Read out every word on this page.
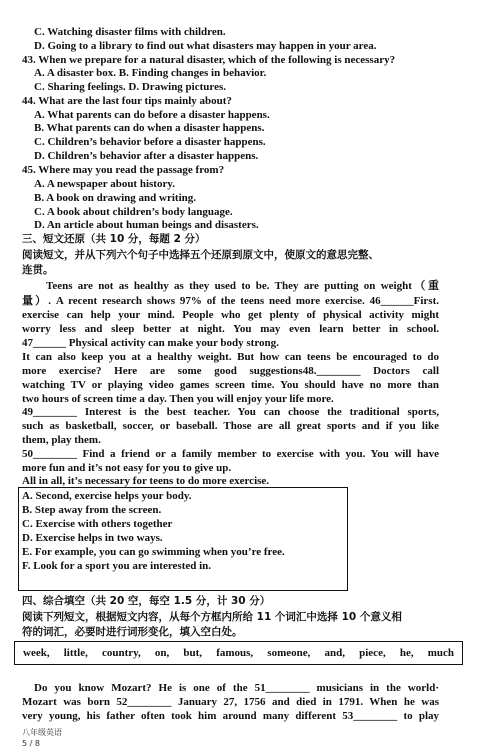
C. Watching disaster films with children.
D. Going to a library to find out what disasters may happen in your area.
43. When we prepare for a natural disaster, which of the following is necessary?
A. A disaster box. B. Finding changes in behavior.
C. Sharing feelings. D. Drawing pictures.
44. What are the last four tips mainly about?
A. What parents can do before a disaster happens.
B. What parents can do when a disaster happens.
C. Children’s behavior before a disaster happens.
D. Children’s behavior after a disaster happens.
45. Where may you read the passage from?
A. A newspaper about history.
B. A book on drawing and writing.
C. A book about children’s body language.
D. An article about human beings and disasters.
三、短文还原（共 10 分，每题 2 分）
阅读短文，并从下列六个句子中选择五个还原到原文中，使原文的意思完整、
连贯。
Teens are not as healthy as they used to be. They are putting on weight（重
量）. A recent research shows 97% of the teens need more exercise. 46______First.
exercise can help your mind. People who get plenty of physical activity might
worry less and sleep better at night. You may even learn better in school.
47______ Physical activity can make your body strong.
It can also keep you at a healthy weight. But how can teens be encouraged to do
more exercise? Here are some good suggestions48.________ Doctors call
watching TV or playing video games screen time. You should have no more than
two hours of screen time a day. Then you will enjoy your life more.
49________ Interest is the best teacher. You can choose the traditional sports,
such as basketball, soccer, or baseball. Those are all great sports and if you like
them, play them.
50________ Find a friend or a family member to exercise with you. You will have
more fun and it’s not easy for you to give up.
All in all, it’s necessary for teens to do more exercise.
A. Second, exercise helps your body.
B. Step away from the screen.
C. Exercise with others together
D. Exercise helps in two ways.
E. For example, you can go swimming when you’re free.
F. Look for a sport you are interested in.
四、综合填空（共 20 空，每空 1.5 分，计 30 分）
阅读下列短文，根据短文内容，从每个方框内所给 11 个词汇中选择 10 个意义相
符的词汇，必要时进行词形变化，填入空白处。
week, little, country, on, but, famous, someone, and, piece, he, much
Do you know Mozart? He is one of the 51________ musicians in the world·
Mozart was born 52________ January 27, 1756 and died in 1791. When he was
very young, his father often took him around many different 53________ to play
八年级英语
5 / 8
